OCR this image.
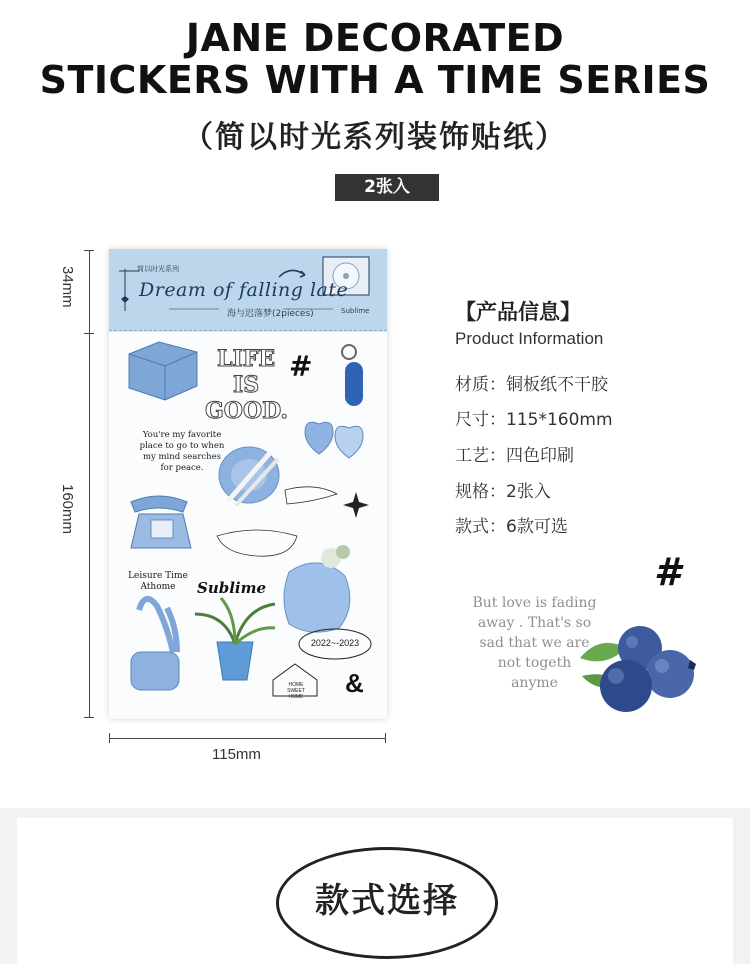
JANE DECORATED
STICKERS WITH A TIME SERIES
（简以时光系列装饰贴纸）
2张入
34mm
160mm
115mm
简以时光系列
Dream of falling late
海与迟落梦(2pieces)	Sublime
LIFE
IS
GOOD.
#
You're my favorite
place to go to when
my mind searches
for peace.
Leisure Time
Athome	Sublime
2022~-2023
HOME
SWEET HOME	&
【产品信息】
Product Information
材质：铜板纸不干胶
尺寸：115*160mm
工艺：四色印刷
规格：2张入
款式：6款可选
#
But love is fading
away . That's so
sad that we are
not togeth
anyme
款式选择
